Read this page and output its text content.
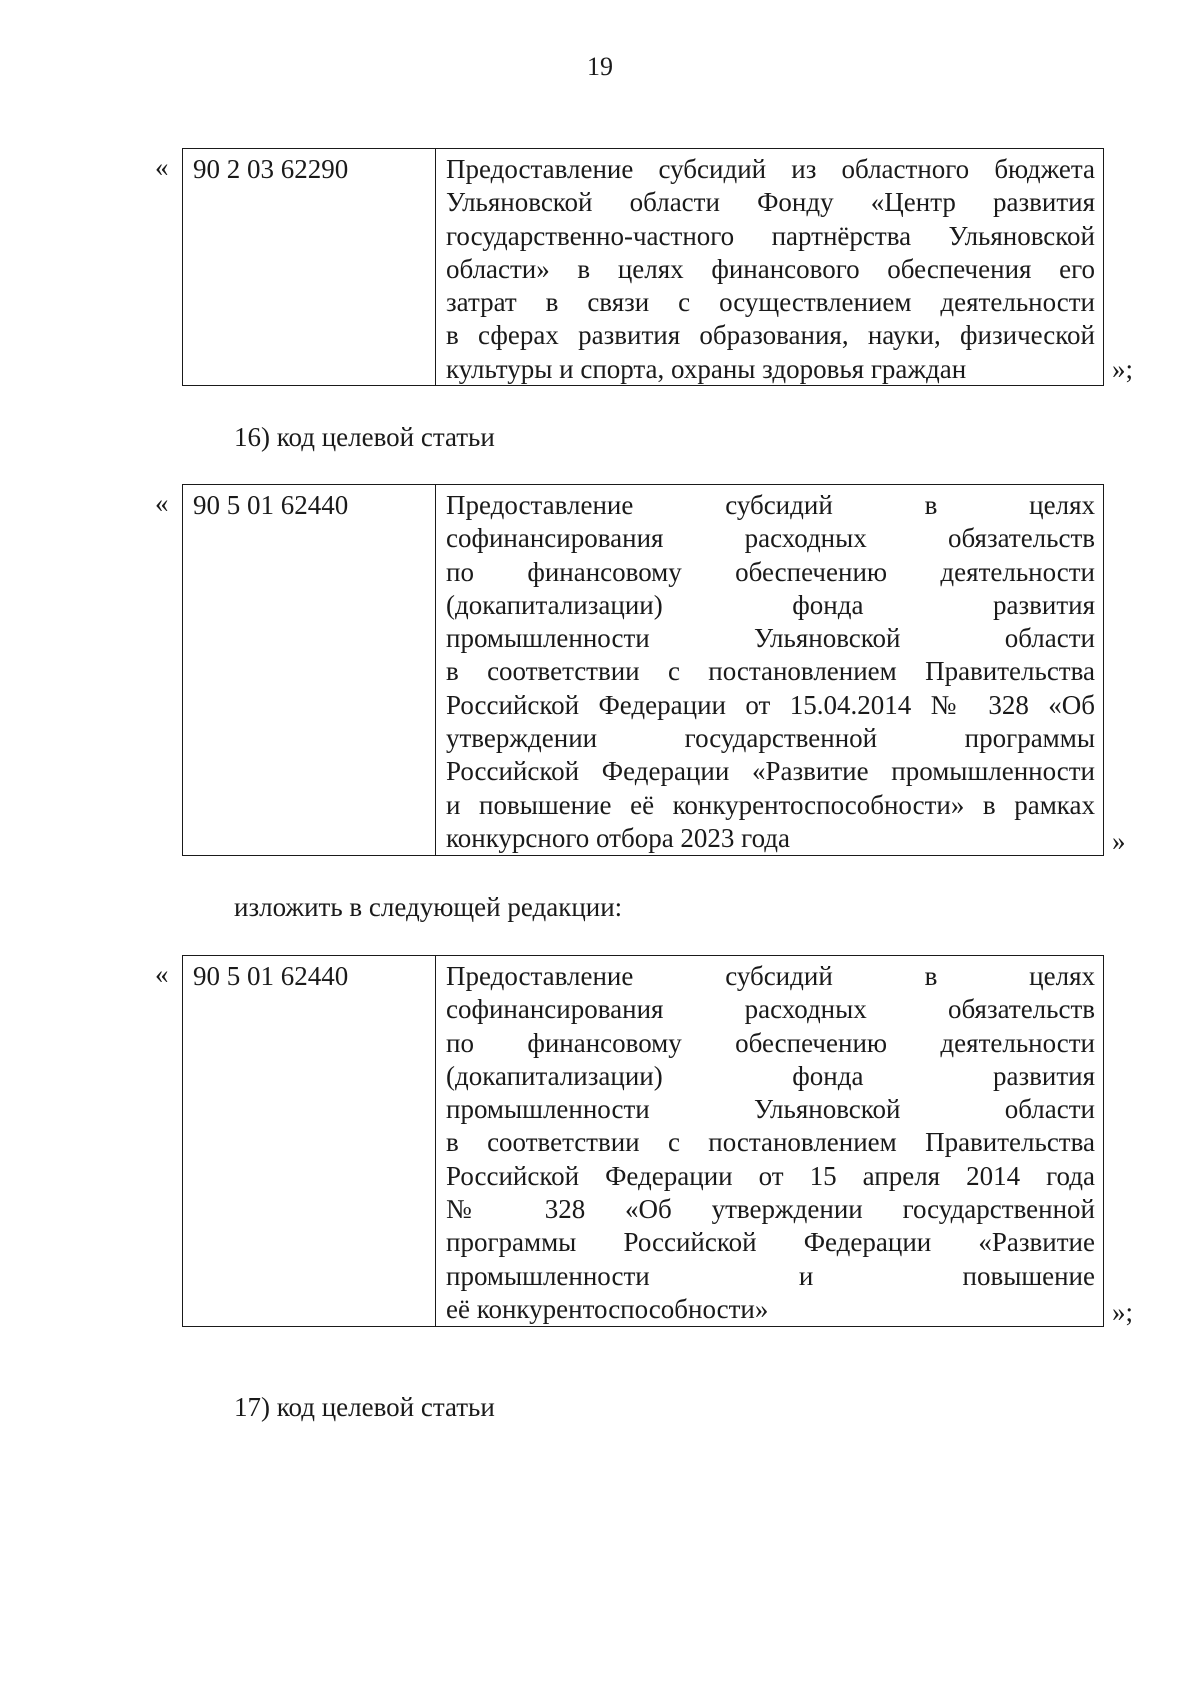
19
« 90 2 03 62290	Предоставление субсидий из областного бюджета
Ульяновской области Фонду «Центр развития
государственно-частного партнёрства Ульяновской
области» в целях финансового обеспечения его
затрат в связи с осуществлением деятельности
в сферах развития образования, науки, физической
культуры и спорта, охраны здоровья граждан	»;
16) код целевой статьи
« 90 5 01 62440	Предоставление субсидий в целях
софинансирования расходных обязательств
по финансовому обеспечению деятельности
(докапитализации) фонда развития
промышленности Ульяновской области
в соответствии с постановлением Правительства
Российской Федерации от 15.04.2014 № 328 «Об
утверждении государственной программы
Российской Федерации «Развитие промышленности
и повышение её конкурентоспособности» в рамках
конкурсного отбора 2023 года	»
изложить в следующей редакции:
« 90 5 01 62440	Предоставление субсидий в целях
софинансирования расходных обязательств
по финансовому обеспечению деятельности
(докапитализации) фонда развития
промышленности Ульяновской области
в соответствии с постановлением Правительства
Российской Федерации от 15 апреля 2014 года
№ 328 «Об утверждении государственной
программы Российской Федерации «Развитие
промышленности и повышение
её конкурентоспособности»	»;
17) код целевой статьи
